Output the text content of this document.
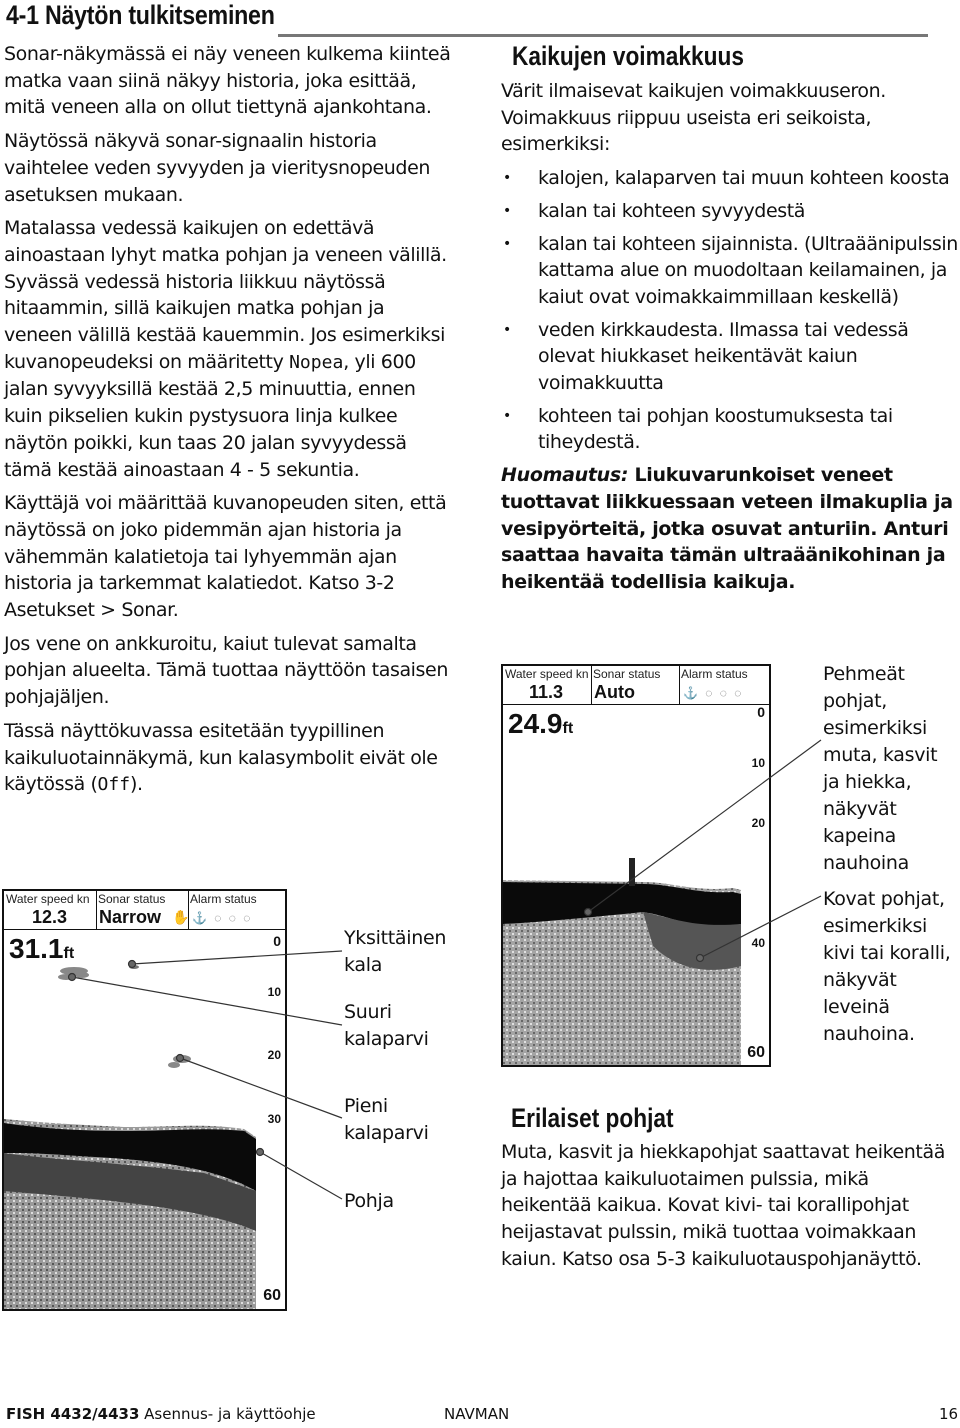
4-1 Näytön tulkitseminen

Sonar-näkymässä ei näy veneen kulkema kiinteä matka vaan siinä näkyy historia, joka esittää, mitä veneen alla on ollut tiettynä ajankohtana.

Näytössä näkyvä sonar-signaalin historia vaihtelee veden syvyyden ja vieritysnopeuden asetuksen mukaan.

Matalassa vedessä kaikujen on edettävä ainoastaan lyhyt matka pohjan ja veneen välillä. Syvässä vedessä historia liikkuu näytössä hitaammin, sillä kaikujen matka pohjan ja veneen välillä kestää kauemmin. Jos esimerkiksi kuvanopeudeksi on määritetty Nopea, yli 600 jalan syvyyksillä kestää 2,5 minuuttia, ennen kuin pikselien kukin pystysuora linja kulkee näytön poikki, kun taas 20 jalan syvyydessä tämä kestää ainoastaan 4 - 5 sekuntia.

Käyttäjä voi määrittää kuvanopeuden siten, että näytössä on joko pidemmän ajan historia ja vähemmän kalatietoja tai lyhyemmän ajan historia ja tarkemmat kalatiedot. Katso 3-2 Asetukset > Sonar.

Jos vene on ankkuroitu, kaiut tulevat samalta pohjan alueelta. Tämä tuottaa näyttöön tasaisen pohjajäljen.

Tässä näyttökuvassa esitetään tyypillinen kaikuluotainnäkymä, kun kalasymbolit eivät ole käytössä (Off).

Kaikujen voimakkuus

Värit ilmaisevat kaikujen voimakkuuseron. Voimakkuus riippuu useista eri seikoista, esimerkiksi:

• kalojen, kalaparven tai muun kohteen koosta
• kalan tai kohteen syvyydestä
• kalan tai kohteen sijainnista. (Ultraäänipulssin kattama alue on muodoltaan keilamainen, ja kaiut ovat voimakkaimmillaan keskellä)
• veden kirkkaudesta. Ilmassa tai vedessä olevat hiukkaset heikentävät kaiun voimakkuutta
• kohteen tai pohjan koostumuksesta tai tiheydestä.
Huomautus: Liukuvarunkoiset veneet tuottavat liikkuessaan veteen ilmakuplia ja vesipyörteitä, jotka osuvat anturiin. Anturi saattaa havaita tämän ultraäänikohinan ja heikentää todellisia kaikuja.
Water speed kn
12.3
Sonar status
Narrow ✋
Alarm status
⚓ ◌ ◌ ◌
31.1ft
0
10
20
30
40
50
60
Yksittäinen kala
Suuri kalaparvi
Pieni kalaparvi
Pohja
Water speed kn
11.3
Sonar status
Auto
Alarm status
⚓ ◌ ◌ ◌
24.9ft
0
10
20
30
40
60
Pehmeät pohjat, esimerkiksi muta, kasvit ja hiekka, näkyvät kapeina nauhoina
Kovat pohjat, esimerkiksi kivi tai koralli, näkyvät leveinä nauhoina.
Erilaiset pohjat
Muta, kasvit ja hiekkapohjat saattavat heikentää ja hajottaa kaikuluotaimen pulssia, mikä heikentää kaikua. Kovat kivi- tai korallipohjat heijastavat pulssin, mikä tuottaa voimakkaan kaiun. Katso osa 5-3 kaikuluotauspohjanäyttö.
FISH 4432/4433 Asennus- ja käyttöohje	NAVMAN	16
